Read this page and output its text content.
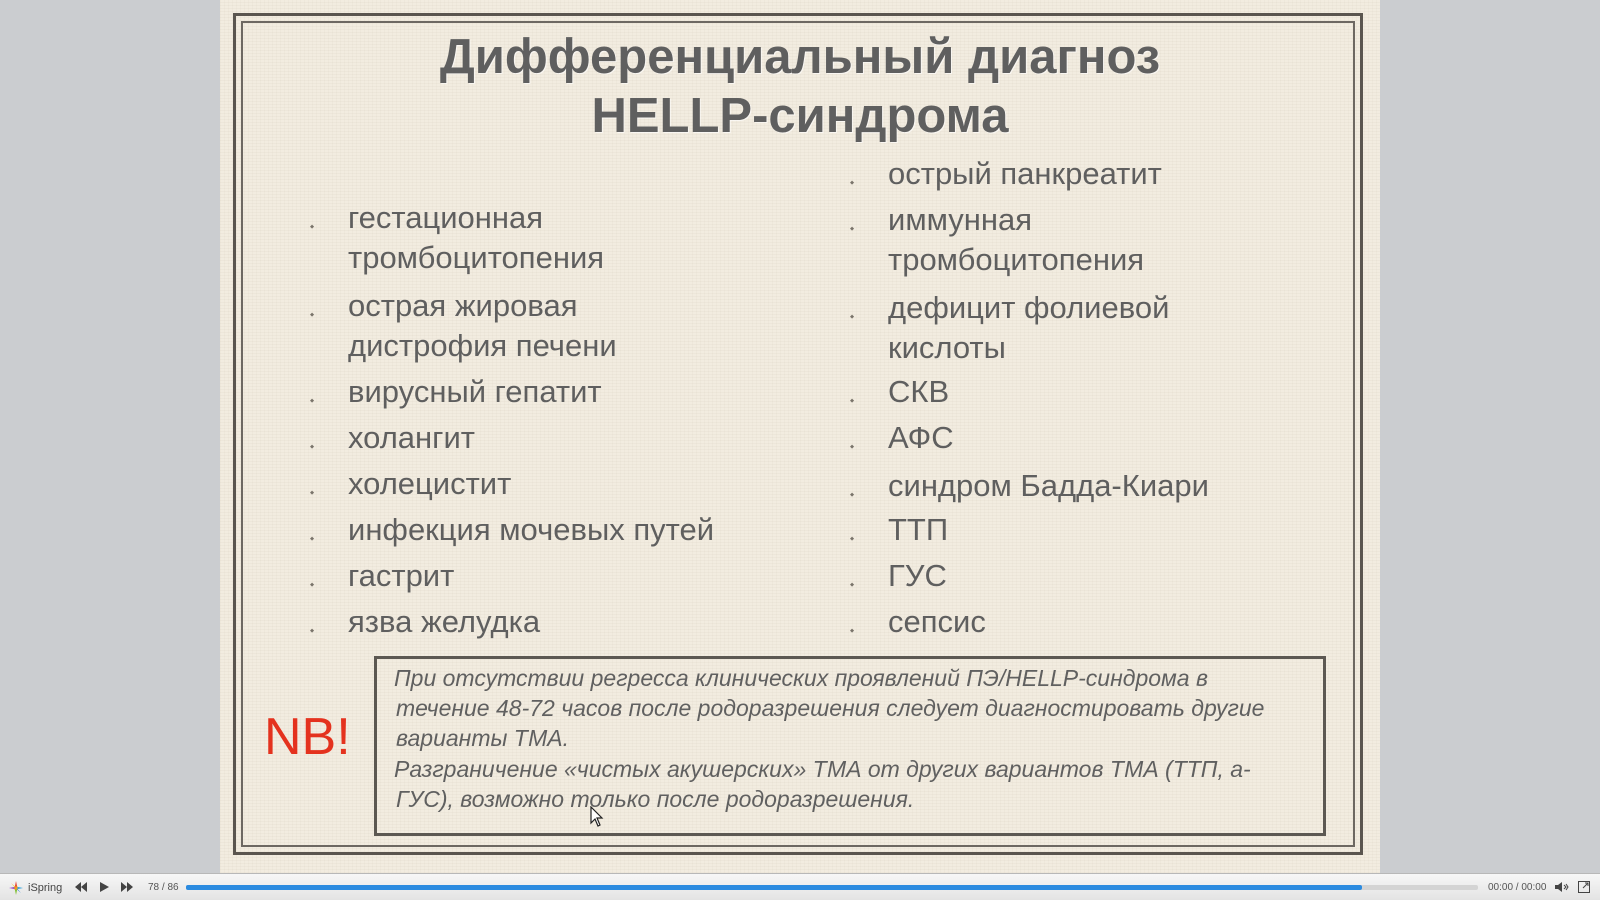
Дифференциальный диагноз
HELLP-синдрома
⬩ гестационная
тромбоцитопения
⬩ острая жировая
дистрофия печени
⬩ вирусный гепатит
⬩ холангит
⬩ холецистит
⬩ инфекция мочевых путей
⬩ гастрит
⬩ язва желудка
⬩ острый панкреатит
⬩ иммунная
тромбоцитопения
⬩ дефицит фолиевой
кислоты
⬩ СКВ
⬩ АФС
⬩ синдром Бадда-Киари
⬩ ТТП
⬩ ГУС
⬩ сепсис
NB!
При отсутствии регресса клинических проявлений ПЭ/HELLP-синдрома в
течение 48-72 часов после родоразрешения следует диагностировать другие
варианты ТМА.
Разграничение «чистых акушерских» ТМА от других вариантов ТМА (ТТП, а-
ГУС), возможно только после родоразрешения.
iSpring	78 / 86	00:00 / 00:00
